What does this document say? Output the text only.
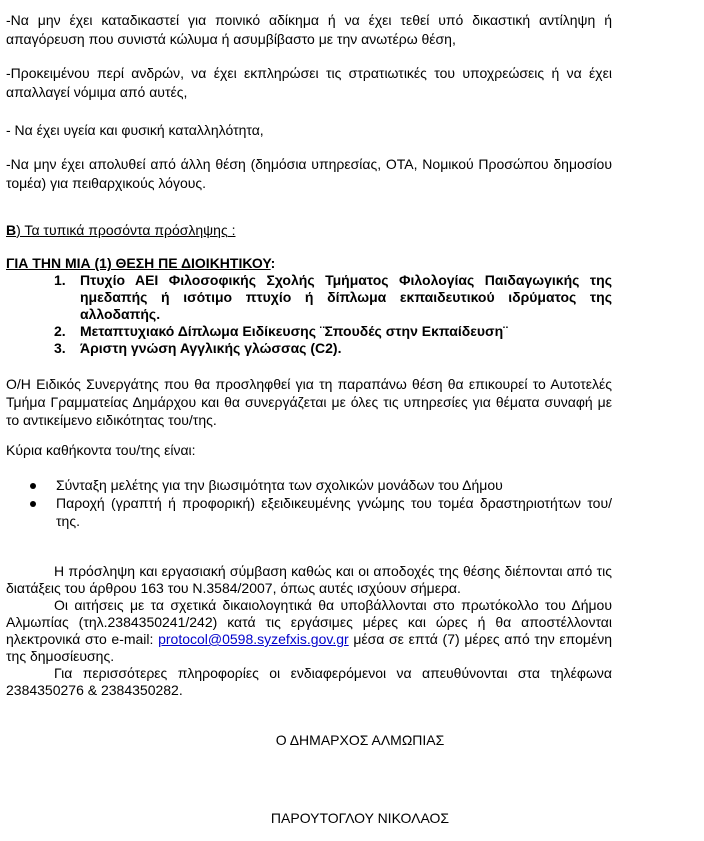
-Να μην έχει καταδικαστεί για ποινικό αδίκημα ή να έχει τεθεί υπό δικαστική αντίληψη ή απαγόρευση που συνιστά κώλυμα ή ασυμβίβαστο με την ανωτέρω θέση,

-Προκειμένου περί ανδρών, να έχει εκπληρώσει τις στρατιωτικές του υποχρεώσεις ή να έχει απαλλαγεί νόμιμα από αυτές,

- Να έχει υγεία και φυσική καταλληλότητα,

-Να μην έχει απολυθεί από άλλη θέση (δημόσια υπηρεσίας, ΟΤΑ, Νομικού Προσώπου δημοσίου τομέα) για πειθαρχικούς λόγους.

Β) Τα τυπικά προσόντα πρόσληψης :

ΓΙΑ ΤΗΝ ΜΙΑ (1) ΘΕΣΗ ΠΕ ΔΙΟΙΚΗΤΙΚΟΥ:

1. Πτυχίο ΑΕΙ Φιλοσοφικής Σχολής Τμήματος Φιλολογίας Παιδαγωγικής της ημεδαπής ή ισότιμο πτυχίο ή δίπλωμα εκπαιδευτικού ιδρύματος της αλλοδαπής.
2. Μεταπτυχιακό Δίπλωμα Ειδίκευσης ¨Σπουδές στην Εκπαίδευση¨
3. Άριστη γνώση Αγγλικής γλώσσας (C2).

Ο/Η Ειδικός Συνεργάτης που θα προσληφθεί για τη παραπάνω θέση θα επικουρεί το Αυτοτελές Τμήμα Γραμματείας Δημάρχου και θα συνεργάζεται με όλες τις υπηρεσίες για θέματα συναφή με το αντικείμενο ειδικότητας του/της.

Κύρια καθήκοντα του/της είναι:

Σύνταξη μελέτης για την βιωσιμότητα των σχολικών μονάδων του Δήμου
Παροχή (γραπτή ή προφορική) εξειδικευμένης γνώμης του τομέα δραστηριοτήτων του/της.

Η πρόσληψη και εργασιακή σύμβαση καθώς και οι αποδοχές της θέσης διέπονται από τις διατάξεις του άρθρου 163 του Ν.3584/2007, όπως αυτές ισχύουν σήμερα.

Οι αιτήσεις με τα σχετικά δικαιολογητικά θα υποβάλλονται στο πρωτόκολλο του Δήμου Αλμωπίας (τηλ.2384350241/242) κατά τις εργάσιμες μέρες και ώρες ή θα αποστέλλονται ηλεκτρονικά στο e-mail: protocol@0598.syzefxis.gov.gr μέσα σε επτά (7) μέρες από την επομένη της δημοσίευσης.

Για περισσότερες πληροφορίες οι ενδιαφερόμενοι να απευθύνονται στα τηλέφωνα 2384350276 & 2384350282.

Ο ΔΗΜΑΡΧΟΣ ΑΛΜΩΠΙΑΣ
ΠΑΡΟΥΤΟΓΛΟΥ ΝΙΚΟΛΑΟΣ
